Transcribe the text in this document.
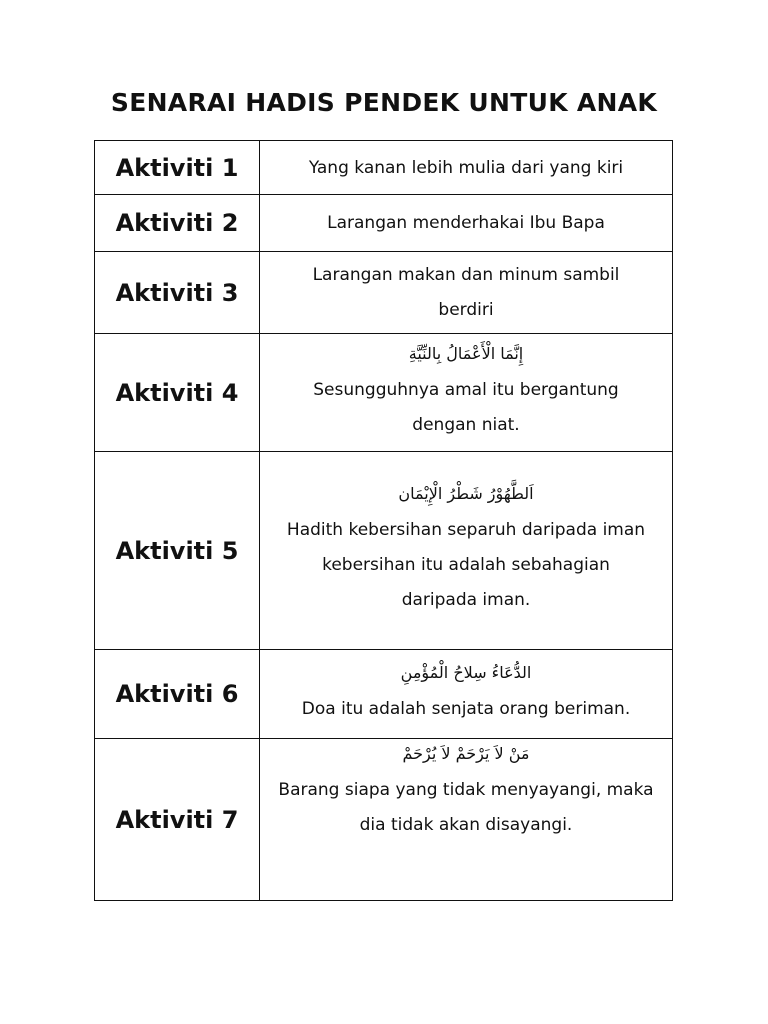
SENARAI HADIS PENDEK UNTUK ANAK
Aktiviti 1	Yang kanan lebih mulia dari yang kiri

Aktiviti 2	Larangan menderhakai Ibu Bapa

Aktiviti 3	Larangan makan dan minum sambil berdiri

Aktiviti 4	إِنَّمَا الْأَعْمَالُ بِالنِّيَّةِ

Sesungguhnya amal itu bergantung dengan niat.

Aktiviti 5	اَلطَّهُوْرُ شَطْرُ الْإِيْمَان

Hadith kebersihan separuh daripada iman

kebersihan itu adalah sebahagian daripada iman.

Aktiviti 6	الدُّعَاءُ سِلاحُ الْمُؤْمِنِ

Doa itu adalah senjata orang beriman.

Aktiviti 7	مَنْ لاَ يَرْحَمْ لاَ يُرْحَمْ

Barang siapa yang tidak menyayangi, maka dia tidak akan disayangi.
